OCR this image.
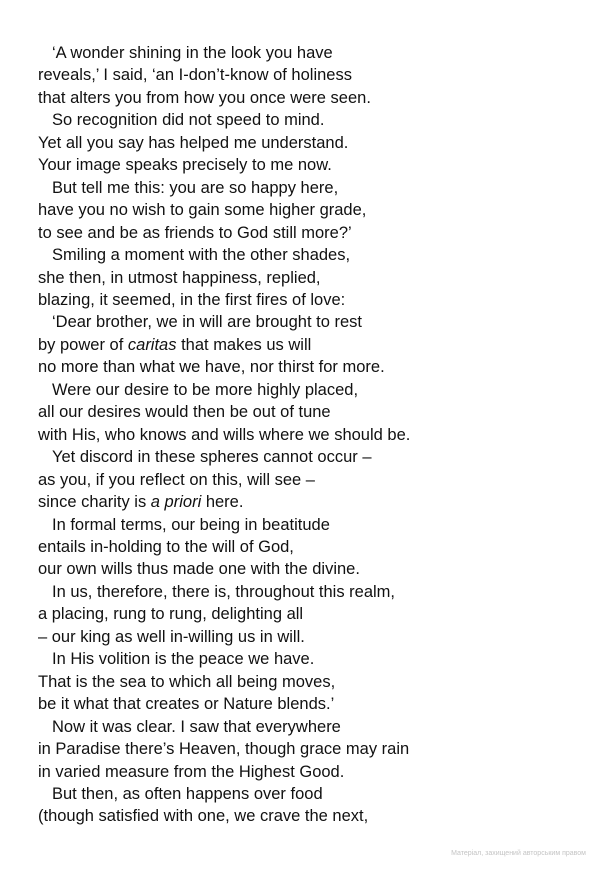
‘A wonder shining in the look you have

reveals,’ I said, ‘an I-don’t-know of holiness

that alters you from how you once were seen.

So recognition did not speed to mind.

Yet all you say has helped me understand.

Your image speaks precisely to me now.

But tell me this: you are so happy here,

have you no wish to gain some higher grade,

to see and be as friends to God still more?’

Smiling a moment with the other shades,

she then, in utmost happiness, replied,

blazing, it seemed, in the first fires of love:

‘Dear brother, we in will are brought to rest

by power of caritas that makes us will

no more than what we have, nor thirst for more.

Were our desire to be more highly placed,

all our desires would then be out of tune

with His, who knows and wills where we should be.

Yet discord in these spheres cannot occur –

as you, if you reflect on this, will see –

since charity is a priori here.

In formal terms, our being in beatitude

entails in-holding to the will of God,

our own wills thus made one with the divine.

In us, therefore, there is, throughout this realm,

a placing, rung to rung, delighting all

– our king as well in-willing us in will.

In His volition is the peace we have.

That is the sea to which all being moves,

be it what that creates or Nature blends.’

Now it was clear. I saw that everywhere

in Paradise there’s Heaven, though grace may rain

in varied measure from the Highest Good.

But then, as often happens over food

(though satisfied with one, we crave the next,

Матеріал, захищений авторським правом
